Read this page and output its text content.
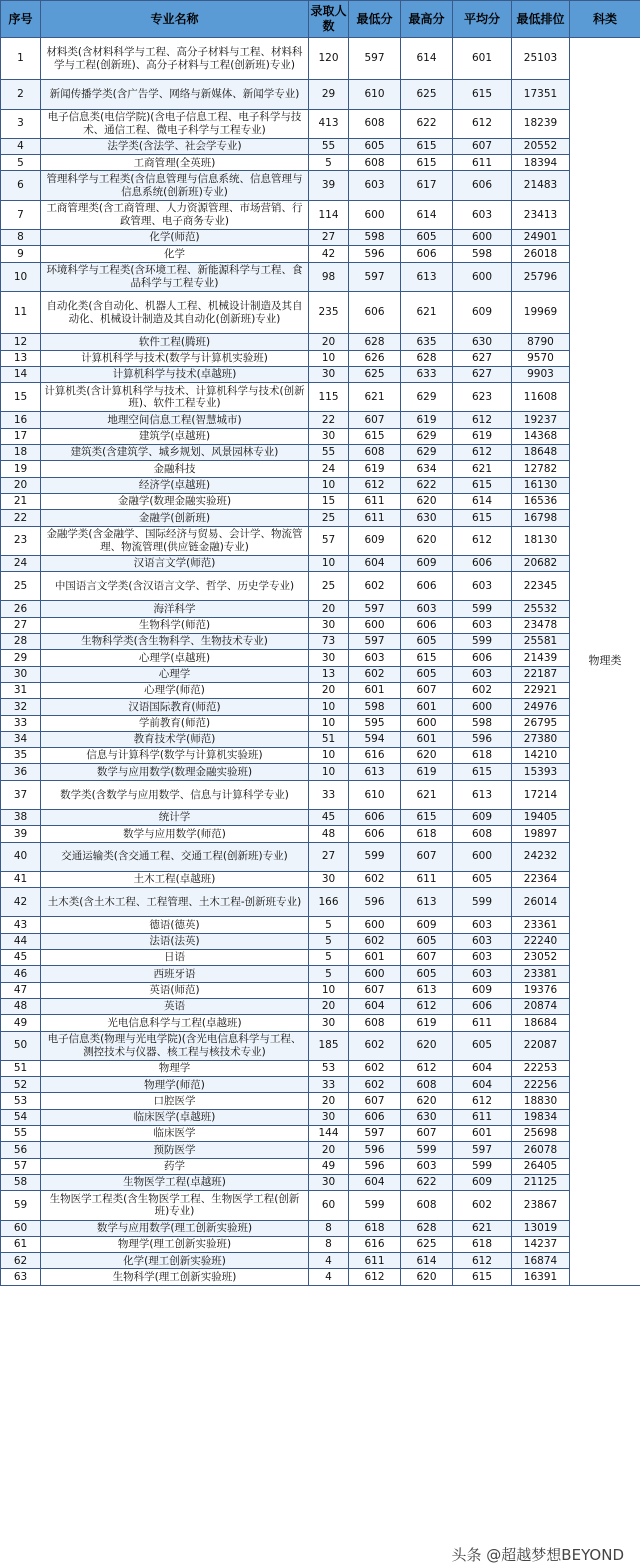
序号	专业名称	录取人数	最低分	最高分	平均分	最低排位	科类
1	材料类(含材料科学与工程、高分子材料与工程、材料科学与工程(创新班)、高分子材料与工程(创新班)专业)	120	597	614	601	25103	物理类
2	新闻传播学类(含广告学、网络与新媒体、新闻学专业)	29	610	625	615	17351	
3	电子信息类(电信学院)(含电子信息工程、电子科学与技术、通信工程、微电子科学与工程专业)	413	608	622	612	18239	
4	法学类(含法学、社会学专业)	55	605	615	607	20552	
5	工商管理(全英班)	5	608	615	611	18394	
6	管理科学与工程类(含信息管理与信息系统、信息管理与信息系统(创新班)专业)	39	603	617	606	21483	
7	工商管理类(含工商管理、人力资源管理、市场营销、行政管理、电子商务专业)	114	600	614	603	23413	
8	化学(师范)	27	598	605	600	24901	
9	化学	42	596	606	598	26018	
10	环境科学与工程类(含环境工程、新能源科学与工程、食品科学与工程专业)	98	597	613	600	25796	
11	自动化类(含自动化、机器人工程、机械设计制造及其自动化、机械设计制造及其自动化(创新班)专业)	235	606	621	609	19969	
12	软件工程(腾班)	20	628	635	630	8790	
13	计算机科学与技术(数学与计算机实验班)	10	626	628	627	9570	
14	计算机科学与技术(卓越班)	30	625	633	627	9903	
15	计算机类(含计算机科学与技术、计算机科学与技术(创新班)、软件工程专业)	115	621	629	623	11608	
16	地理空间信息工程(智慧城市)	22	607	619	612	19237	
17	建筑学(卓越班)	30	615	629	619	14368	
18	建筑类(含建筑学、城乡规划、风景园林专业)	55	608	629	612	18648	
19	金融科技	24	619	634	621	12782	
20	经济学(卓越班)	10	612	622	615	16130	
21	金融学(数理金融实验班)	15	611	620	614	16536	
22	金融学(创新班)	25	611	630	615	16798	
23	金融学类(含金融学、国际经济与贸易、会计学、物流管理、物流管理(供应链金融)专业)	57	609	620	612	18130	
24	汉语言文学(师范)	10	604	609	606	20682	
25	中国语言文学类(含汉语言文学、哲学、历史学专业)	25	602	606	603	22345	
26	海洋科学	20	597	603	599	25532	
27	生物科学(师范)	30	600	606	603	23478	
28	生物科学类(含生物科学、生物技术专业)	73	597	605	599	25581	
29	心理学(卓越班)	30	603	615	606	21439	
30	心理学	13	602	605	603	22187	
31	心理学(师范)	20	601	607	602	22921	
32	汉语国际教育(师范)	10	598	601	600	24976	
33	学前教育(师范)	10	595	600	598	26795	
34	教育技术学(师范)	51	594	601	596	27380	
35	信息与计算科学(数学与计算机实验班)	10	616	620	618	14210	
36	数学与应用数学(数理金融实验班)	10	613	619	615	15393	
37	数学类(含数学与应用数学、信息与计算科学专业)	33	610	621	613	17214	
38	统计学	45	606	615	609	19405	
39	数学与应用数学(师范)	48	606	618	608	19897	
40	交通运输类(含交通工程、交通工程(创新班)专业)	27	599	607	600	24232	
41	土木工程(卓越班)	30	602	611	605	22364	
42	土木类(含土木工程、工程管理、土木工程-创新班专业)	166	596	613	599	26014	
43	德语(德英)	5	600	609	603	23361	
44	法语(法英)	5	602	605	603	22240	
45	日语	5	601	607	603	23052	
46	西班牙语	5	600	605	603	23381	
47	英语(师范)	10	607	613	609	19376	
48	英语	20	604	612	606	20874	
49	光电信息科学与工程(卓越班)	30	608	619	611	18684	
50	电子信息类(物理与光电学院)(含光电信息科学与工程、测控技术与仪器、核工程与核技术专业)	185	602	620	605	22087	
51	物理学	53	602	612	604	22253	
52	物理学(师范)	33	602	608	604	22256	
53	口腔医学	20	607	620	612	18830	
54	临床医学(卓越班)	30	606	630	611	19834	
55	临床医学	144	597	607	601	25698	
56	预防医学	20	596	599	597	26078	
57	药学	49	596	603	599	26405	
58	生物医学工程(卓越班)	30	604	622	609	21125	
59	生物医学工程类(含生物医学工程、生物医学工程(创新班)专业)	60	599	608	602	23867	
60	数学与应用数学(理工创新实验班)	8	618	628	621	13019	
61	物理学(理工创新实验班)	8	616	625	618	14237	
62	化学(理工创新实验班)	4	611	614	612	16874	
63	生物科学(理工创新实验班)	4	612	620	615	16391	
头条 @超越梦想BEYOND
